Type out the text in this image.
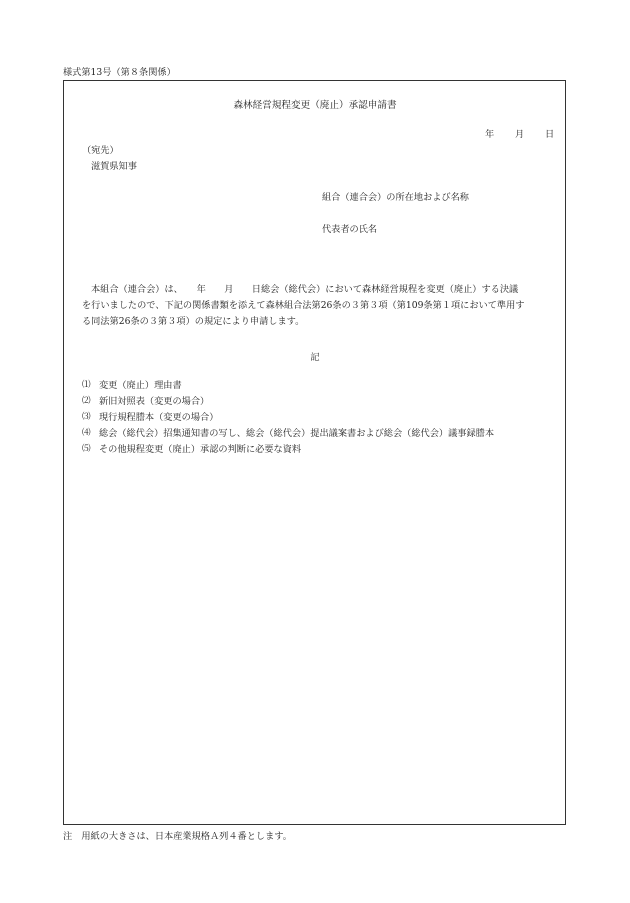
様式第13号（第８条関係）
森林経営規程変更（廃止）承認申請書
年 月 日
（宛先）
滋賀県知事
組合（連合会）の所在地および名称
代表者の氏名
本組合（連合会）は、　　年　　月　　日総会（総代会）において森林経営規程を変更（廃止）する決議
を行いましたので、下記の関係書類を添えて森林組合法第26条の３第３項（第109条第１項において準用す
る同法第26条の３第３項）の規定により申請します。
記
⑴ 変更（廃止）理由書
⑵ 新旧対照表（変更の場合）
⑶ 現行規程謄本（変更の場合）
⑷ 総会（総代会）招集通知書の写し、総会（総代会）提出議案書および総会（総代会）議事録謄本
⑸ その他規程変更（廃止）承認の判断に必要な資料
注　用紙の大きさは、日本産業規格Ａ列４番とします。
